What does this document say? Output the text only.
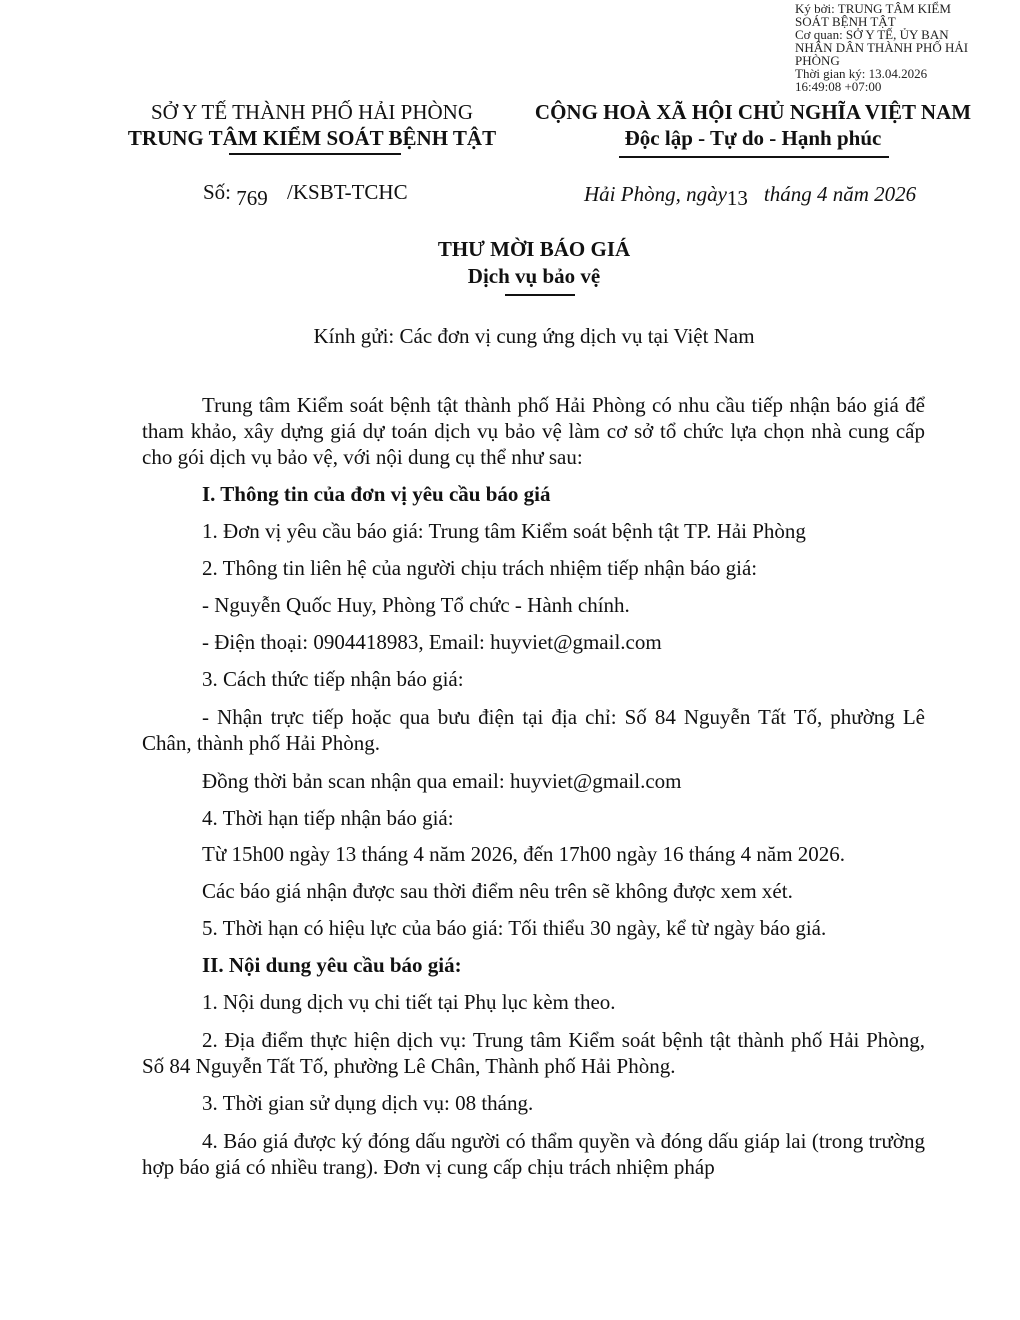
Ký bởi: TRUNG TÂM KIỂM
SOÁT BỆNH TẬT
Cơ quan: SỞ Y TẾ, ỦY BAN
NHÂN DÂN THÀNH PHỐ HẢI
PHÒNG
Thời gian ký: 13.04.2026
16:49:08 +07:00
SỞ Y TẾ THÀNH PHỐ HẢI PHÒNG
TRUNG TÂM KIỂM SOÁT BỆNH TẬT
CỘNG HOÀ XÃ HỘI CHỦ NGHĨA VIỆT NAM
Độc lập - Tự do - Hạnh phúc
Số: 769 /KSBT-TCHC	Hải Phòng, ngày13 tháng 4 năm 2026
THƯ MỜI BÁO GIÁ
Dịch vụ bảo vệ
Kính gửi: Các đơn vị cung ứng dịch vụ tại Việt Nam
Trung tâm Kiểm soát bệnh tật thành phố Hải Phòng có nhu cầu tiếp nhận báo giá để tham khảo, xây dựng giá dự toán dịch vụ bảo vệ làm cơ sở tổ chức lựa chọn nhà cung cấp cho gói dịch vụ bảo vệ, với nội dung cụ thể như sau:
I. Thông tin của đơn vị yêu cầu báo giá
1. Đơn vị yêu cầu báo giá: Trung tâm Kiểm soát bệnh tật TP. Hải Phòng
2. Thông tin liên hệ của người chịu trách nhiệm tiếp nhận báo giá:
- Nguyễn Quốc Huy, Phòng Tổ chức - Hành chính.
- Điện thoại: 0904418983, Email: huyviet@gmail.com
3. Cách thức tiếp nhận báo giá:
- Nhận trực tiếp hoặc qua bưu điện tại địa chỉ: Số 84 Nguyễn Tất Tố, phường Lê Chân, thành phố Hải Phòng.
Đồng thời bản scan nhận qua email: huyviet@gmail.com
4. Thời hạn tiếp nhận báo giá:
Từ 15h00 ngày 13 tháng 4 năm 2026, đến 17h00 ngày 16 tháng 4 năm 2026.
Các báo giá nhận được sau thời điểm nêu trên sẽ không được xem xét.
5. Thời hạn có hiệu lực của báo giá: Tối thiểu 30 ngày, kể từ ngày báo giá.
II. Nội dung yêu cầu báo giá:
1. Nội dung dịch vụ chi tiết tại Phụ lục kèm theo.
2. Địa điểm thực hiện dịch vụ: Trung tâm Kiểm soát bệnh tật thành phố Hải Phòng, Số 84 Nguyễn Tất Tố, phường Lê Chân, Thành phố Hải Phòng.
3. Thời gian sử dụng dịch vụ: 08 tháng.
4. Báo giá được ký đóng dấu người có thẩm quyền và đóng dấu giáp lai (trong trường hợp báo giá có nhiều trang). Đơn vị cung cấp chịu trách nhiệm pháp
